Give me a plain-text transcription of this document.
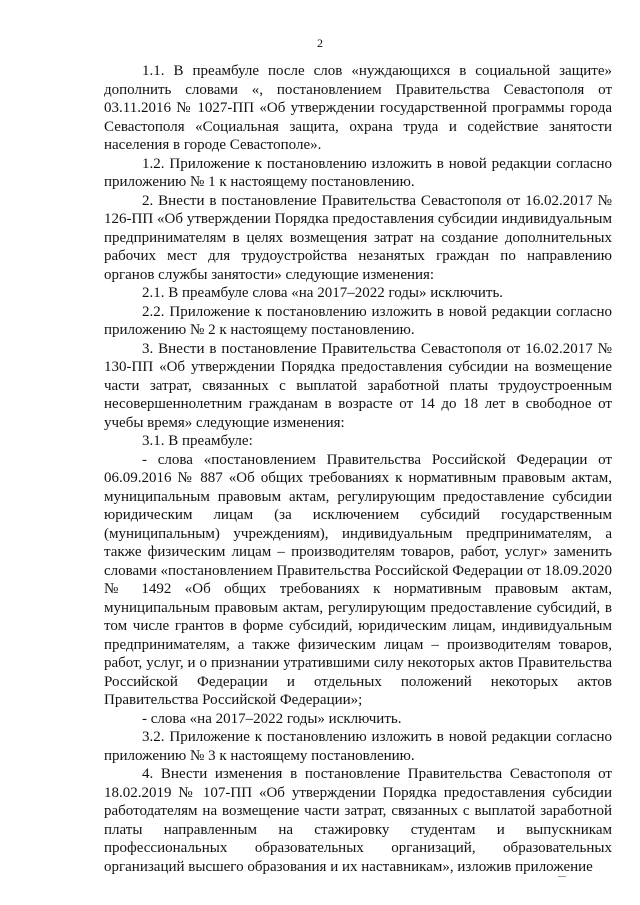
2

1.1. В преамбуле после слов «нуждающихся в социальной защите» дополнить словами «, постановлением Правительства Севастополя от 03.11.2016 № 1027-ПП «Об утверждении государственной программы города Севастополя «Социальная защита, охрана труда и содействие занятости населения в городе Севастополе».

1.2. Приложение к постановлению изложить в новой редакции согласно приложению № 1 к настоящему постановлению.

2. Внести в постановление Правительства Севастополя от 16.02.2017 № 126-ПП «Об утверждении Порядка предоставления субсидии индивидуальным предпринимателям в целях возмещения затрат на создание дополнительных рабочих мест для трудоустройства незанятых граждан по направлению органов службы занятости» следующие изменения:

2.1. В преамбуле слова «на 2017–2022 годы» исключить.

2.2. Приложение к постановлению изложить в новой редакции согласно приложению № 2 к настоящему постановлению.

3. Внести в постановление Правительства Севастополя от 16.02.2017 № 130-ПП «Об утверждении Порядка предоставления субсидии на возмещение части затрат, связанных с выплатой заработной платы трудоустроенным несовершеннолетним гражданам в возрасте от 14 до 18 лет в свободное от учебы время» следующие изменения:

3.1. В преамбуле:

- слова «постановлением Правительства Российской Федерации от 06.09.2016 № 887 «Об общих требованиях к нормативным правовым актам, муниципальным правовым актам, регулирующим предоставление субсидии юридическим лицам (за исключением субсидий государственным (муниципальным) учреждениям), индивидуальным предпринимателям, а также физическим лицам – производителям товаров, работ, услуг» заменить словами «постановлением Правительства Российской Федерации от 18.09.2020 № 1492 «Об общих требованиях к нормативным правовым актам, муниципальным правовым актам, регулирующим предоставление субсидий, в том числе грантов в форме субсидий, юридическим лицам, индивидуальным предпринимателям, а также физическим лицам – производителям товаров, работ, услуг, и о признании утратившими силу некоторых актов Правительства Российской Федерации и отдельных положений некоторых актов Правительства Российской Федерации»;

- слова «на 2017–2022 годы» исключить.

3.2. Приложение к постановлению изложить в новой редакции согласно приложению № 3 к настоящему постановлению.

4. Внести изменения в постановление Правительства Севастополя от 18.02.2019 № 107-ПП «Об утверждении Порядка предоставления субсидии работодателям на возмещение части затрат, связанных с выплатой заработной платы направленным на стажировку студентам и выпускникам профессиональных образовательных организаций, образовательных организаций высшего образования и их наставникам», изложив приложение
